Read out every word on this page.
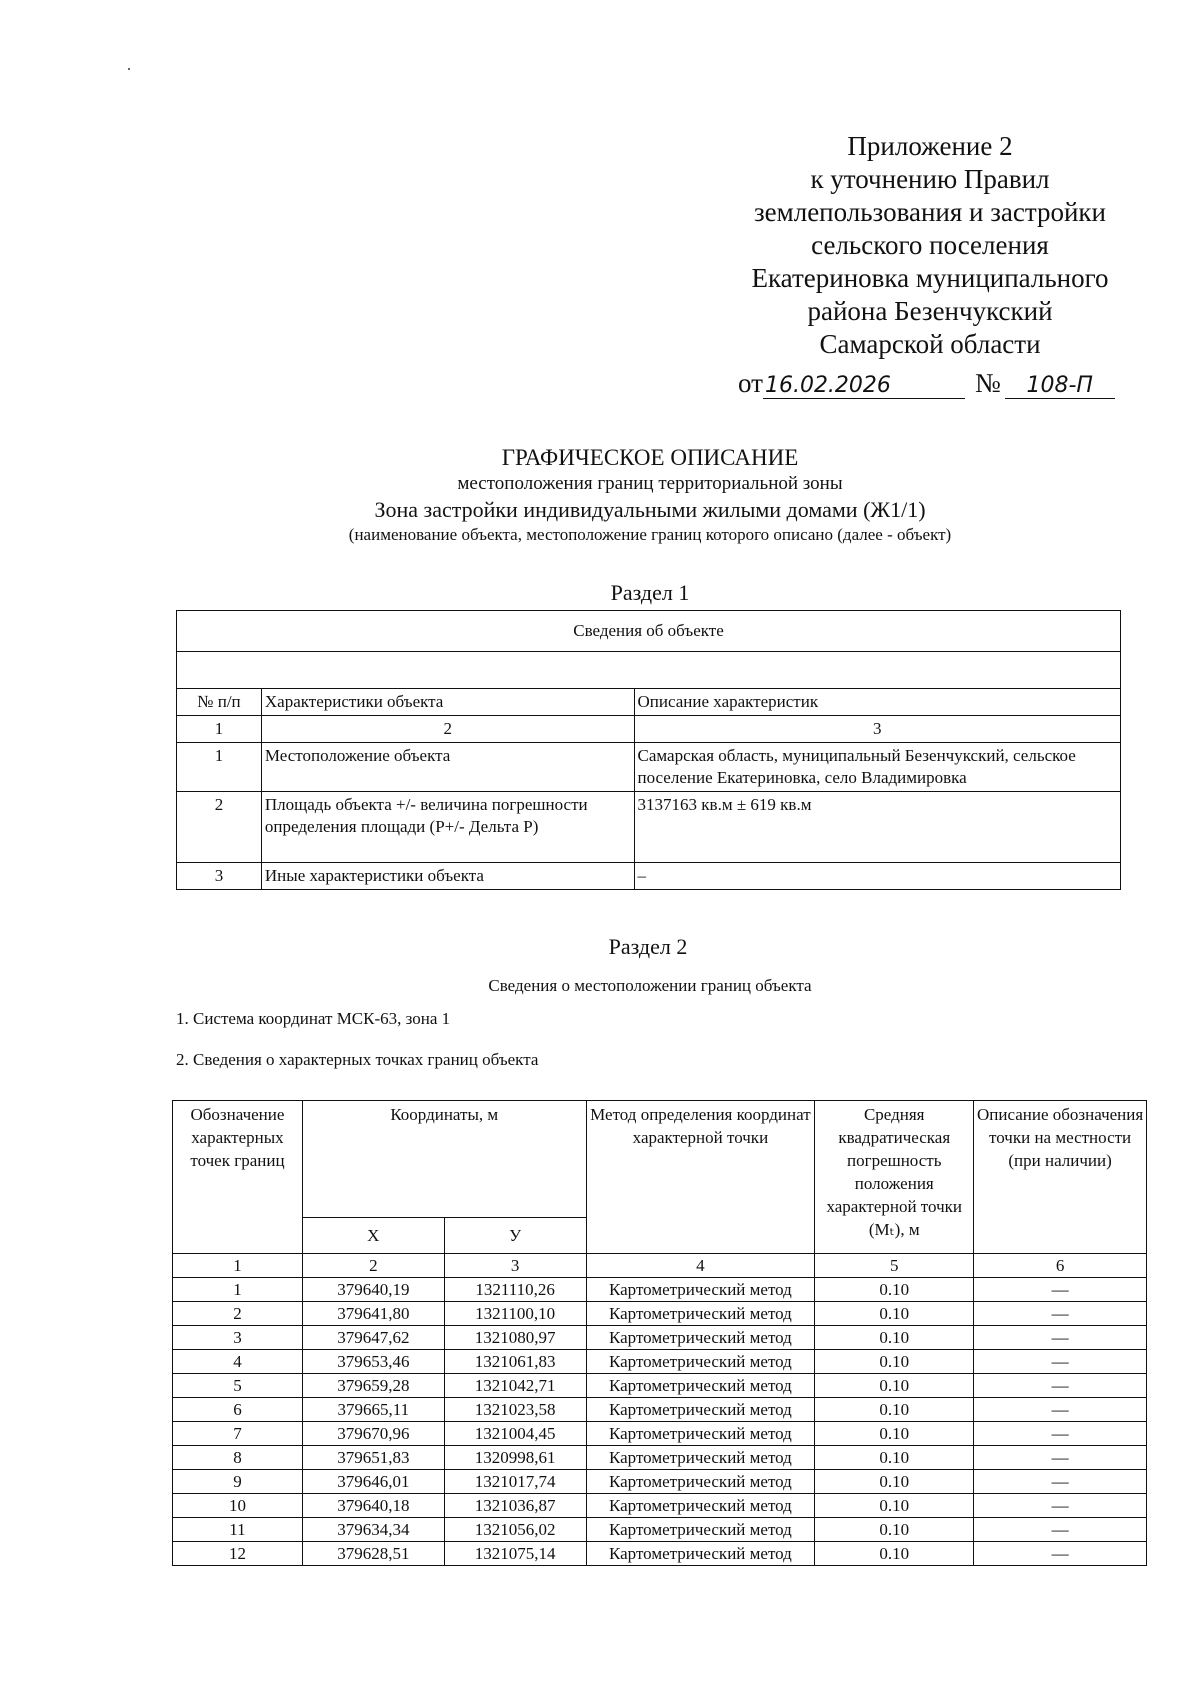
Приложение 2
к уточнению Правил
землепользования и застройки
сельского поселения
Екатериновка муниципального
района Безенчукский
Самарской области
от16.02.2026	№ 108-П
ГРАФИЧЕСКОЕ ОПИСАНИЕ
местоположения границ территориальной зоны
Зона застройки индивидуальными жилыми домами (Ж1/1)
(наименование объекта, местоположение границ которого описано (далее - объект)
Раздел 1
Сведения об объекте		

№ п/п	Характеристики объекта	Описание характеристик
1	2	3
1	Местоположение объекта	Самарская область, муниципальный Безенчукский, сельское поселение Екатериновка, село Владимировка
2	Площадь объекта +/- величина погрешности определения площади (P+/- Дельта P)	3137163 кв.м ± 619 кв.м
3	Иные характеристики объекта	–
Раздел 2
Сведения о местоположении границ объекта
1. Система координат МСК-63, зона 1
2. Сведения о характерных точках границ объекта
Обозначение характерных точек границ	Координаты, м		Метод определения координат характерной точки	Средняя квадратическая погрешность положения характерной точки (Mₜ), м	Описание обозначения точки на местности (при наличии)
	X	У			
1	2	3	4	5	6
1	379640,19	1321110,26	Картометрический метод	0.10	—
2	379641,80	1321100,10	Картометрический метод	0.10	—
3	379647,62	1321080,97	Картометрический метод	0.10	—
4	379653,46	1321061,83	Картометрический метод	0.10	—
5	379659,28	1321042,71	Картометрический метод	0.10	—
6	379665,11	1321023,58	Картометрический метод	0.10	—
7	379670,96	1321004,45	Картометрический метод	0.10	—
8	379651,83	1320998,61	Картометрический метод	0.10	—
9	379646,01	1321017,74	Картометрический метод	0.10	—
10	379640,18	1321036,87	Картометрический метод	0.10	—
11	379634,34	1321056,02	Картометрический метод	0.10	—
12	379628,51	1321075,14	Картометрический метод	0.10	—
